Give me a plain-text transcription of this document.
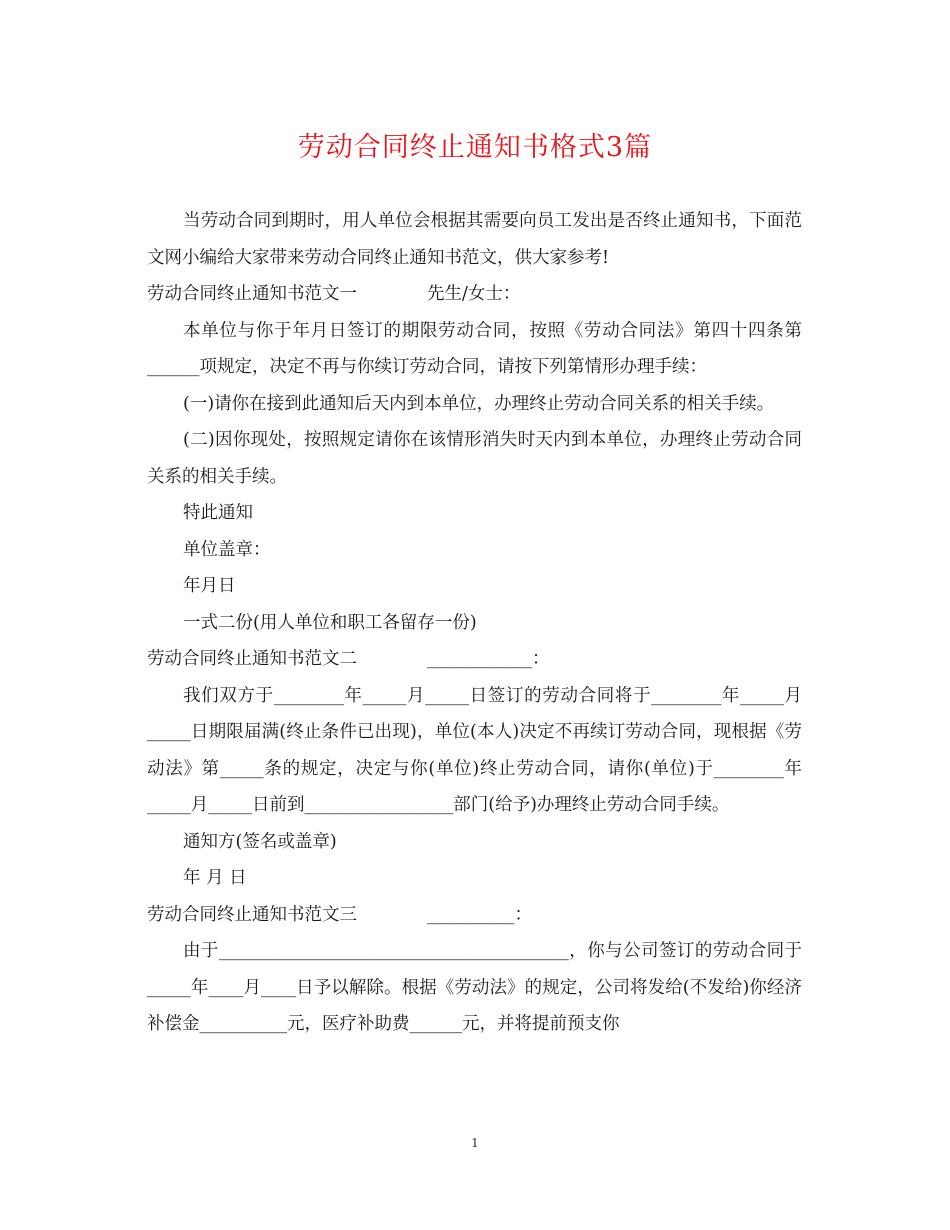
劳动合同终止通知书格式3篇

当劳动合同到期时，用人单位会根据其需要向员工发出是否终止通知书，下面范文网小编给大家带来劳动合同终止通知书范文，供大家参考!

劳动合同终止通知书范文一	先生/女士：

本单位与你于年月日签订的期限劳动合同，按照《劳动合同法》第四十四条第______项规定，决定不再与你续订劳动合同，请按下列第情形办理手续：

(一)请你在接到此通知后天内到本单位，办理终止劳动合同关系的相关手续。

(二)因你现处，按照规定请你在该情形消失时天内到本单位，办理终止劳动合同关系的相关手续。

特此通知

单位盖章：

年月日

一式二份(用人单位和职工各留存一份)

劳动合同终止通知书范文二	____________：

我们双方于________年_____月_____日签订的劳动合同将于________年_____月_____日期限届满(终止条件已出现)，单位(本人)决定不再续订劳动合同，现根据《劳动法》第_____条的规定，决定与你(单位)终止劳动合同，请你(单位)于________年_____月_____日前到_________________部门(给予)办理终止劳动合同手续。

通知方(签名或盖章)

年 月 日

劳动合同终止通知书范文三	__________：

由于________________________________________，你与公司签订的劳动合同于_____年____月____日予以解除。根据《劳动法》的规定，公司将发给(不发给)你经济补偿金__________元，医疗补助费______元，并将提前预支你

1
